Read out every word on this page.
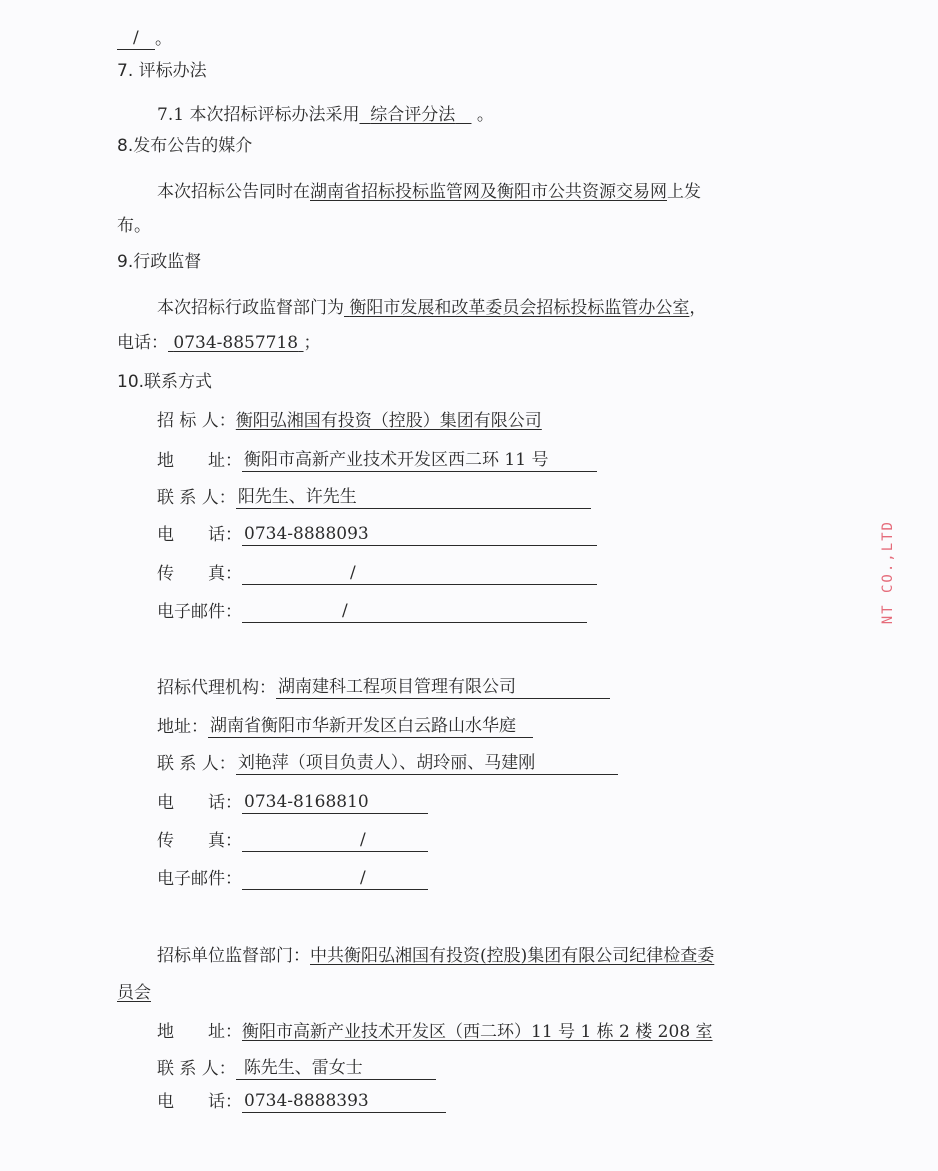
/ 。
7. 评标办法
7.1 本次招标评标办法采用 综合评分法 。
8.发布公告的媒介
本次招标公告同时在湖南省招标投标监管网及衡阳市公共资源交易网上发
布。
9.行政监督
本次招标行政监督部门为 衡阳市发展和改革委员会招标投标监管办公室，
电话： 0734-8857718 ；
10.联系方式
招 标 人：衡阳弘湘国有投资（控股）集团有限公司
地　　址： 衡阳市高新产业技术开发区西二环 11 号
联 系 人： 阳先生、许先生
电　　话： 0734-8888093
传　　真：	/
电子邮件：	/
招标代理机构： 湖南建科工程项目管理有限公司
地址： 湖南省衡阳市华新开发区白云路山水华庭
联 系 人： 刘艳萍（项目负责人）、胡玲丽、马建刚
电　　话： 0734-8168810
传　　真：	/
电子邮件：	/
招标单位监督部门：中共衡阳弘湘国有投资(控股)集团有限公司纪律检查委
员会
地　　址：衡阳市高新产业技术开发区（西二环）11 号 1 栋 2 楼 208 室
联 系 人： 陈先生、雷女士
电　　话： 0734-8888393
NT CO.,LTD
